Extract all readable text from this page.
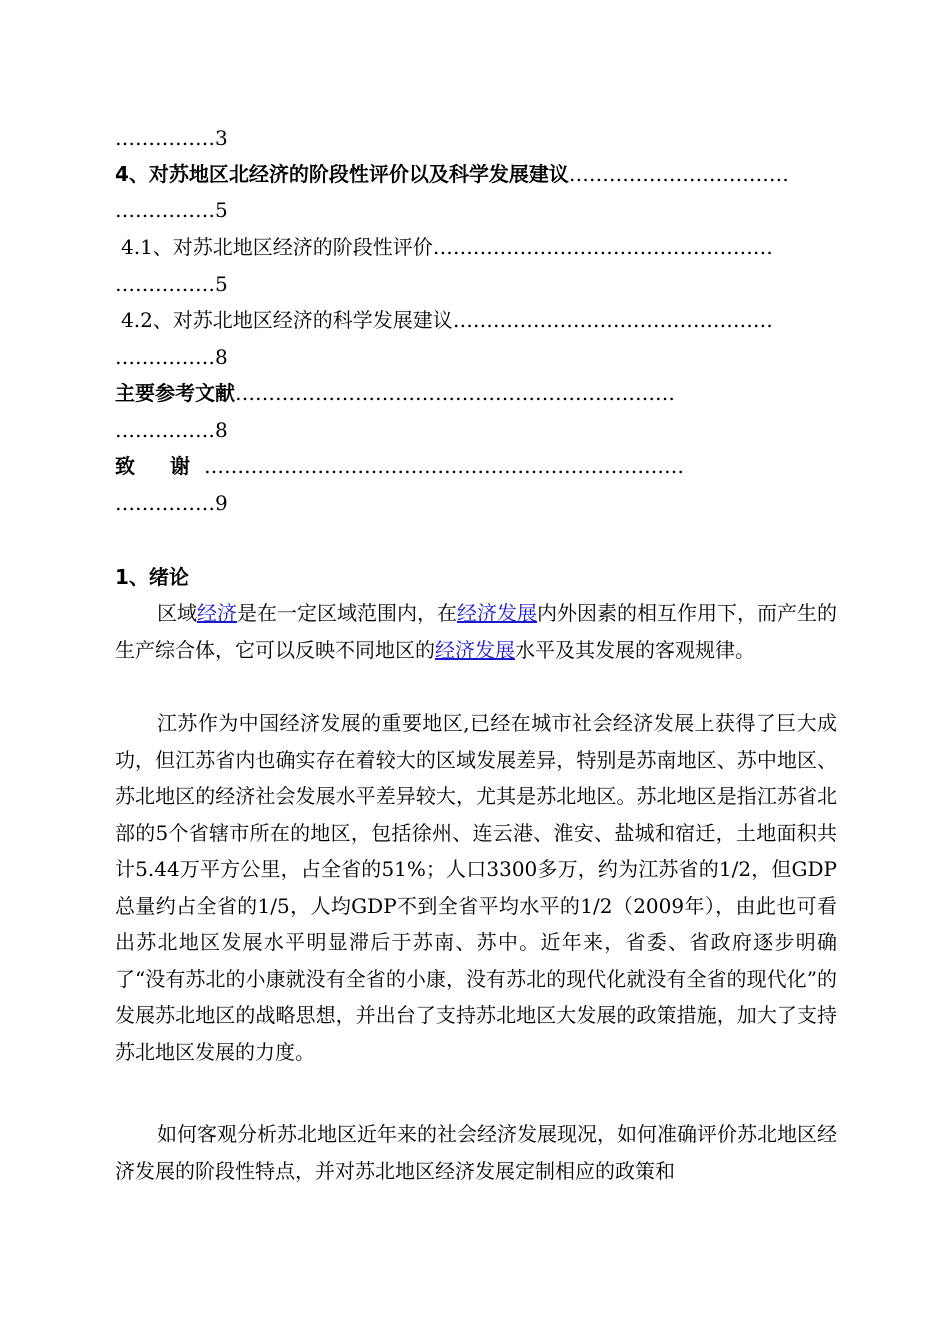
……………3
4、对苏地区北经济的阶段性评价以及科学发展建议……………………………
……………5
4.1、对苏北地区经济的阶段性评价……………………………………………
……………5
4.2、对苏北地区经济的科学发展建议…………………………………………
……………8
主要参考文献…………………………………………………………
……………8
致 谢………………………………………………………………
……………9
1、绪论
区域经济是在一定区域范围内，在经济发展内外因素的相互作用下，而产生的生产综合体，它可以反映不同地区的经济发展水平及其发展的客观规律。
江苏作为中国经济发展的重要地区,已经在城市社会经济发展上获得了巨大成功，但江苏省内也确实存在着较大的区域发展差异，特别是苏南地区、苏中地区、苏北地区的经济社会发展水平差异较大，尤其是苏北地区。苏北地区是指江苏省北部的5个省辖市所在的地区，包括徐州、连云港、淮安、盐城和宿迁，土地面积共计5.44万平方公里，占全省的51%；人口3300多万，约为江苏省的1/2，但GDP总量约占全省的1/5，人均GDP不到全省平均水平的1/2（2009年），由此也可看出苏北地区发展水平明显滞后于苏南、苏中。近年来，省委、省政府逐步明确了“没有苏北的小康就没有全省的小康，没有苏北的现代化就没有全省的现代化”的发展苏北地区的战略思想，并出台了支持苏北地区大发展的政策措施，加大了支持苏北地区发展的力度。
如何客观分析苏北地区近年来的社会经济发展现况，如何准确评价苏北地区经济发展的阶段性特点，并对苏北地区经济发展定制相应的政策和
